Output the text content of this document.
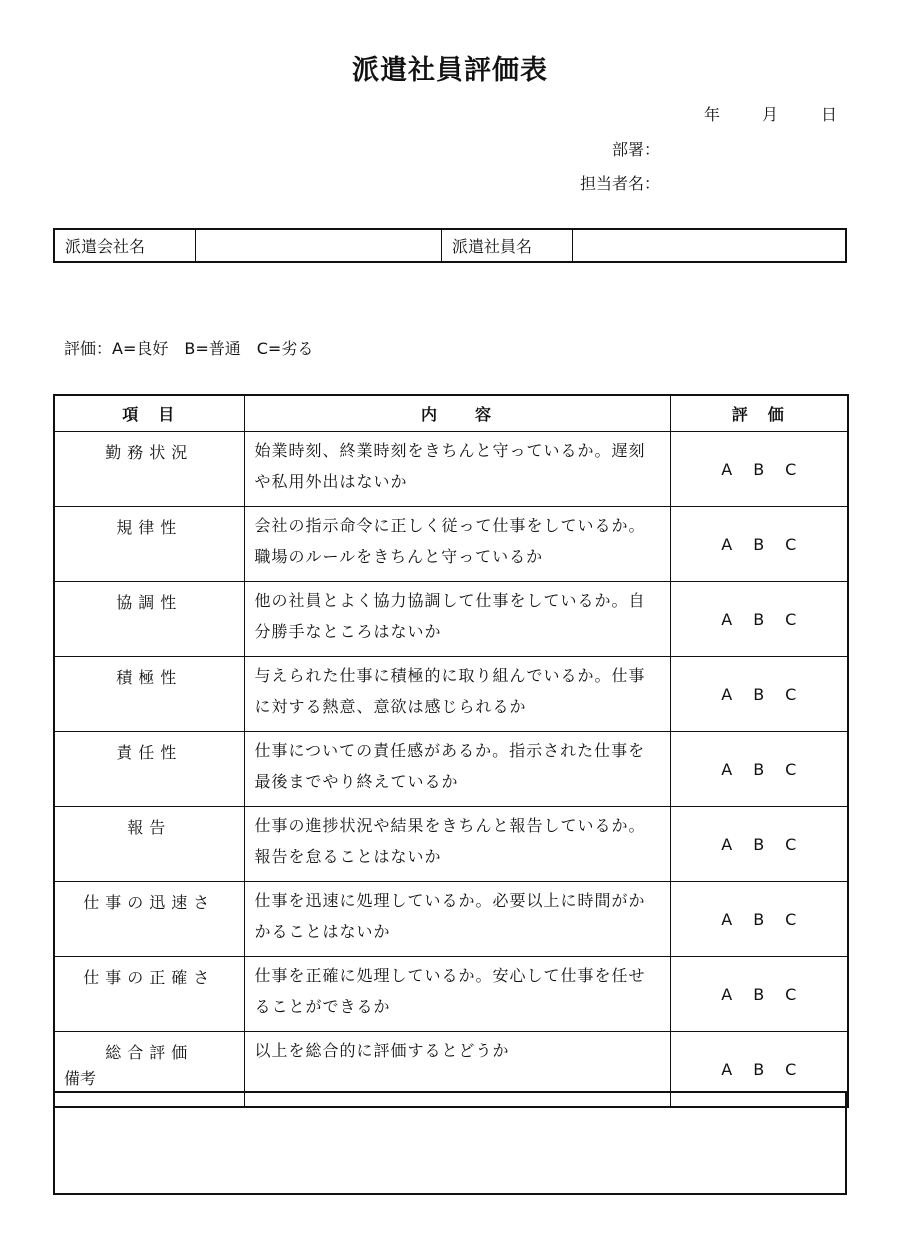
派遣社員評価表
年	月	日
部署：
担当者名：
派遣会社名		派遣社員名	
評価：A=良好　B=普通　C=劣る
項　目	内　　容	評　価
勤務状況	始業時刻、終業時刻をきちんと守っているか。遅刻や私用外出はないか	A B C
規律性	会社の指示命令に正しく従って仕事をしているか。職場のルールをきちんと守っているか	A B C
協調性	他の社員とよく協力協調して仕事をしているか。自分勝手なところはないか	A B C
積極性	与えられた仕事に積極的に取り組んでいるか。仕事に対する熱意、意欲は感じられるか	A B C
責任性	仕事についての責任感があるか。指示された仕事を最後までやり終えているか	A B C
報告	仕事の進捗状況や結果をきちんと報告しているか。報告を怠ることはないか	A B C
仕事の迅速さ	仕事を迅速に処理しているか。必要以上に時間がかかることはないか	A B C
仕事の正確さ	仕事を正確に処理しているか。安心して仕事を任せることができるか	A B C
総合評価	以上を総合的に評価するとどうか	A B C
備考
